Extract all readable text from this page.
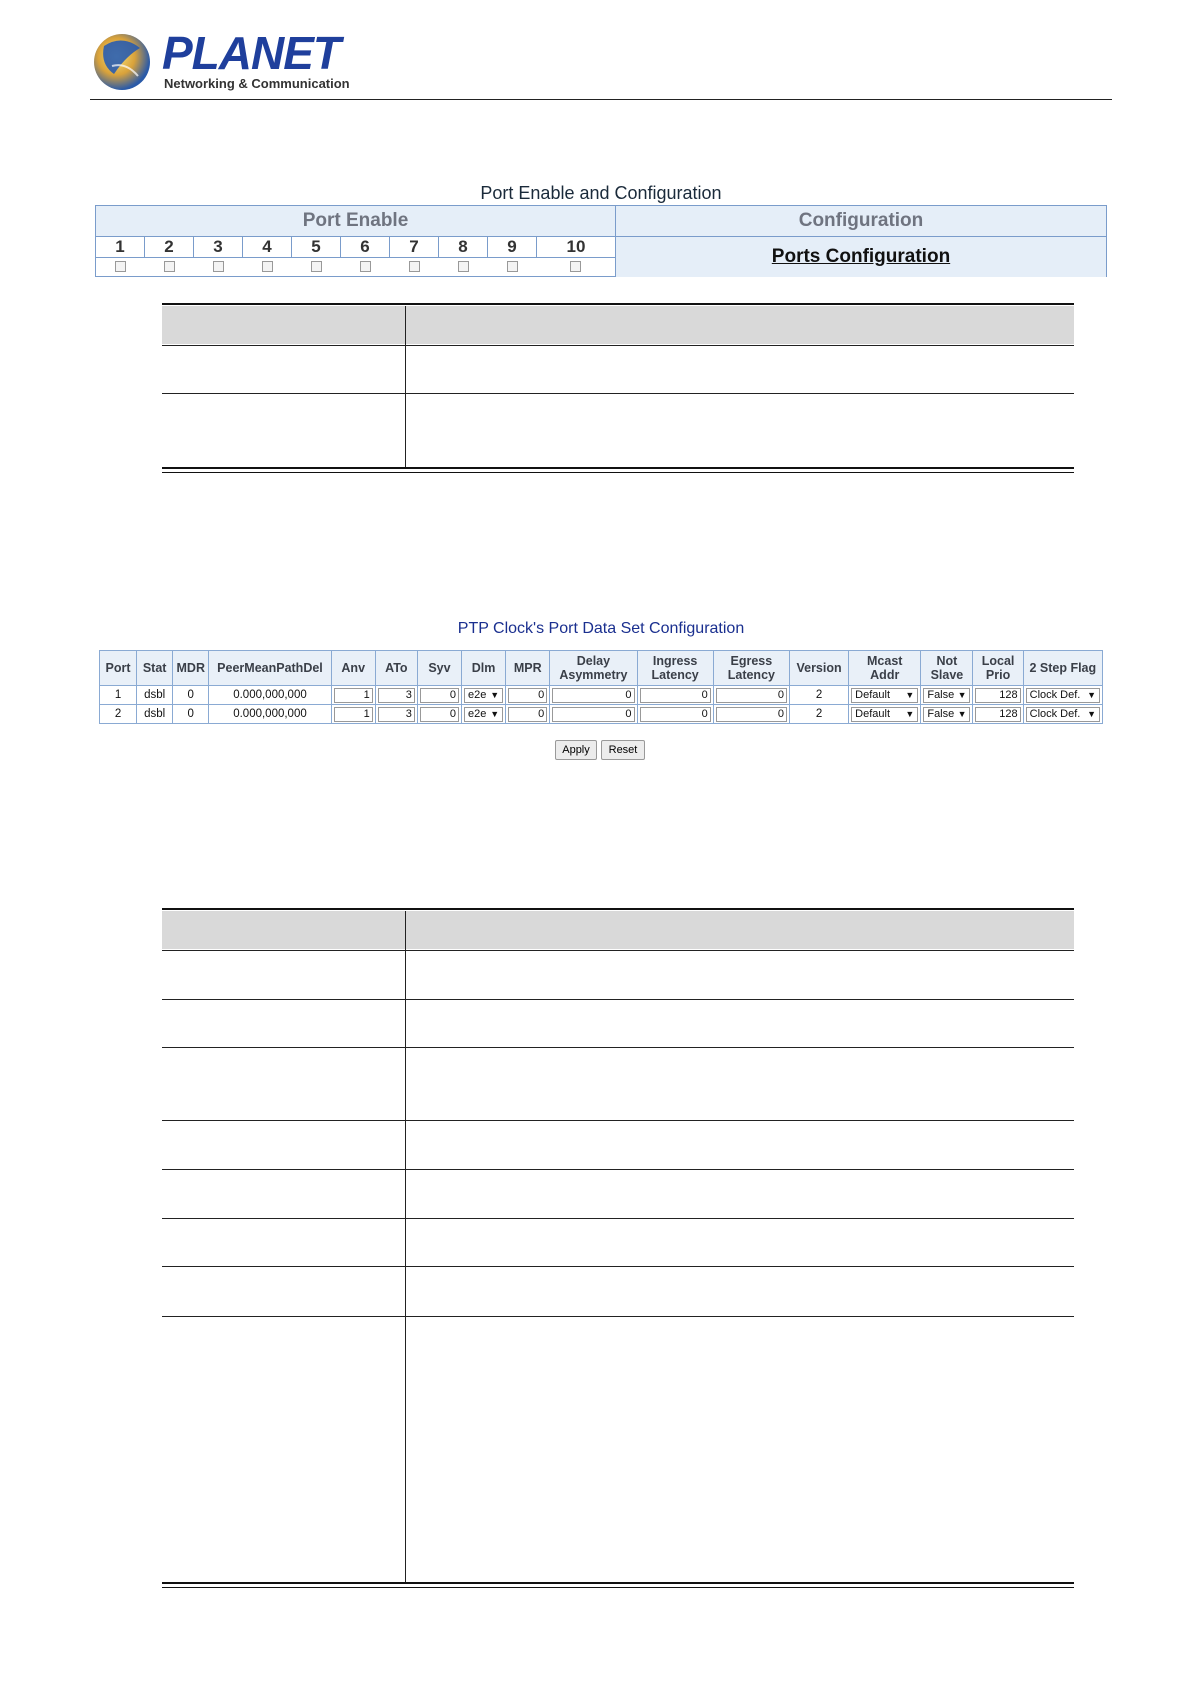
PLANET
Networking & Communication
Port Enable and Configuration
Port Enable	Configuration
1	2	3	4	5	6	7	8	9	10	Ports Configuration
PTP Clock's Port Data Set Configuration
Port	Stat	MDR	PeerMeanPathDel	Anv	ATo	Syv	Dlm	MPR	Delay Asymmetry	Ingress Latency	Egress Latency	Version	Mcast Addr	Not Slave	Local Prio	2 Step Flag
1	dsbl	0	0.000,000,000	1	3	0	e2e ▼	0	0	0	0	2	Default ▼	False ▼	128	Clock Def. ▼

2	dsbl	0	0.000,000,000	1	3	0	e2e ▼	0	0	0	0	2	Default ▼	False ▼	128	Clock Def. ▼
Apply	Reset
